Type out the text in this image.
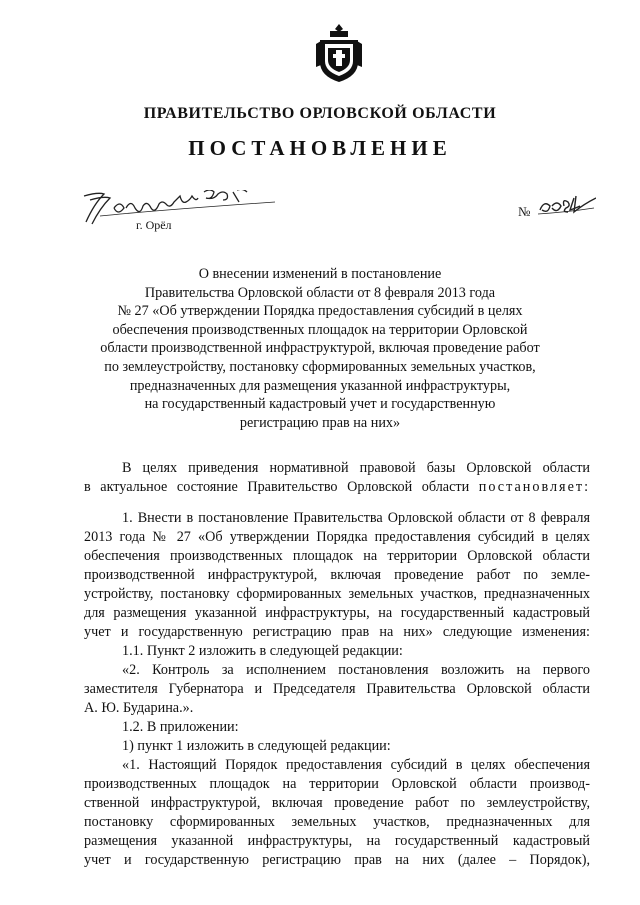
ПРАВИТЕЛЬСТВО ОРЛОВСКОЙ ОБЛАСТИ
ПОСТАНОВЛЕНИЕ
г. Орёл
№
О внесении изменений в постановление
Правительства Орловской области от 8 февраля 2013 года
№ 27 «Об утверждении Порядка предоставления субсидий в целях
обеспечения производственных площадок на территории Орловской
области производственной инфраструктурой, включая проведение работ
по землеустройству, постановку сформированных земельных участков,
предназначенных для размещения указанной инфраструктуры,
на государственный кадастровый учет и государственную
регистрацию прав на них»
В целях приведения нормативной правовой базы Орловской области
в актуальное состояние Правительство Орловской области постановляет:
1. Внести в постановление Правительства Орловской области от 8 февраля
2013 года № 27 «Об утверждении Порядка предоставления субсидий в целях
обеспечения производственных площадок на территории Орловской области
производственной инфраструктурой, включая проведение работ по земле-
устройству, постановку сформированных земельных участков, предназначенных
для размещения указанной инфраструктуры, на государственный кадастровый
учет и государственную регистрацию прав на них» следующие изменения:
1.1. Пункт 2 изложить в следующей редакции:
«2. Контроль за исполнением постановления возложить на первого
заместителя Губернатора и Председателя Правительства Орловской области
А. Ю. Бударина.».
1.2. В приложении:
1) пункт 1 изложить в следующей редакции:
«1. Настоящий Порядок предоставления субсидий в целях обеспечения
производственных площадок на территории Орловской области производ-
ственной инфраструктурой, включая проведение работ по землеустройству,
постановку сформированных земельных участков, предназначенных для
размещения указанной инфраструктуры, на государственный кадастровый
учет и государственную регистрацию прав на них (далее – Порядок),
